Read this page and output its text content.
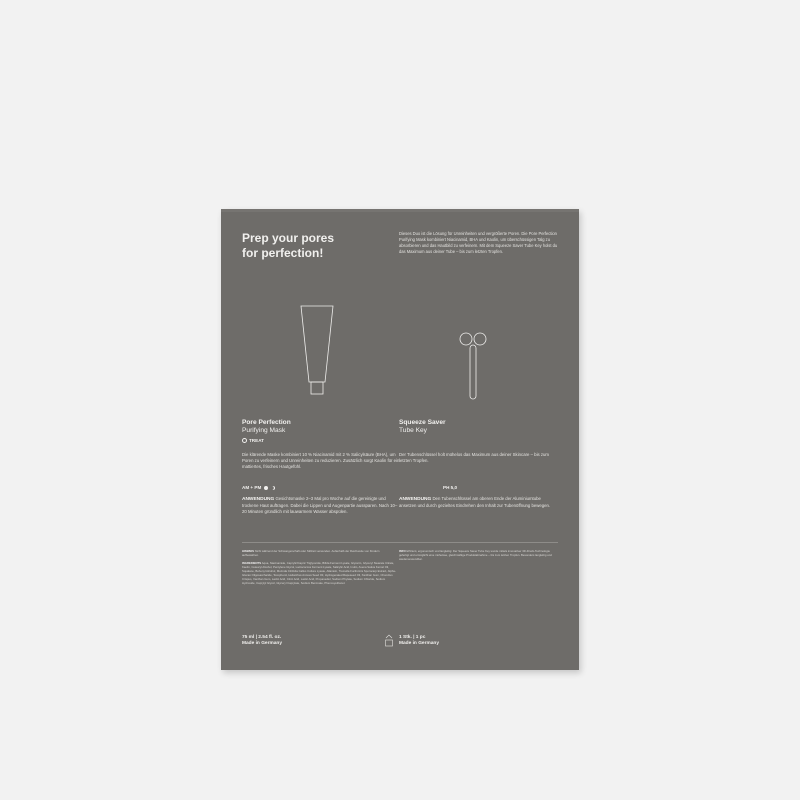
Prep your pores
for perfection!
Dieses Duo ist die Lösung für Unreinheiten und vergrößerte Poren. Die Pore Perfection Purifying Mask kombiniert Niacinamid, BHA und Kaolin, um überschüssigen Talg zu absorbieren und das Hautbild zu verfeinern. Mit dem Squeeze Saver Tube Key holst du das Maximum aus deiner Tube – bis zum letzten Tropfen.
Pore Perfection
Purifying Mask
TREAT
Die klärende Maske kombiniert 10 % Niacinamid mit 2 % Salicylsäure (BHA), um Poren zu verfeinern und Unreinheiten zu reduzieren. Zusätzlich sorgt Kaolin für ein mattiertes, frisches Hautgefühl.
AM + PM	PH 5,0
ANWENDUNG Gesichtsmaske 2–3 Mal pro Woche auf die gereinigte und trockene Haut auftragen. Dabei die Lippen und Augenpartie aussparen. Nach 10–20 Minuten gründlich mit lauwarmem Wasser abspülen.
Squeeze Saver
Tube Key
Der Tubenschlüssel holt mühelos das Maximum aus deiner Skincare – bis zum letzten Tropfen.
ANWENDUNG Den Tubenschlüssel am oberen Ende der Aluminiumtube ansetzen und durch gezieltes Eindrehen den Inhalt zur Tubenöffnung bewegen.
HINWEIS Nicht während der Schwangerschaft oder Stillzeit verwenden. Außerhalb der Reichweite von Kindern aufbewahren.
INGREDIENTS Aqua, Niacinamide, Caprylic/Capric Triglyceride, Bifida Ferment Lysate, Glycerin, Glyceryl Stearate Citrate, Kaolin, Cetearyl Alcohol, Pentylene Glycol, Lactococcus Ferment Lysate, Salicylic Acid, Inulin, Avena Sativa Kernel Oil, Squalane, Behenyl Alcohol, Morinda Citrifolia Callus Culture Lysate, Allantoin, Tremella Fuciformis Sporocarp Extract, Alpha-Glucan Oligosaccharide, Tocopherol, Helianthus Annuus Seed Oil, Hydrogenated Rapeseed Oil, Xanthan Gum, Chondrus Crispus, Xanthan Gum, Lactic Acid, Citric Acid, Lactic Acid, Propanediol, Sodium Phytate, Sodium Chloride, Sodium Hydroxide, Caprylyl Glycol, Glyceryl Caprylate, Sodium Benzoate, Phenoxyethanol.
INFO Effizient, ergonomisch und langlebig: Der Squeeze Saver Tube Key wurde mittels innovativer 3D-Druck-Technologie gefertigt und ermöglicht eine mühelose, gleichmäßige Produktabnahme – bis zum letzten Tropfen. Besonders langlebig und wiederverwendbar.
75 ml | 2.54 fl. oz.
Made in Germany
1 Stk. | 1 pc
Made in Germany
